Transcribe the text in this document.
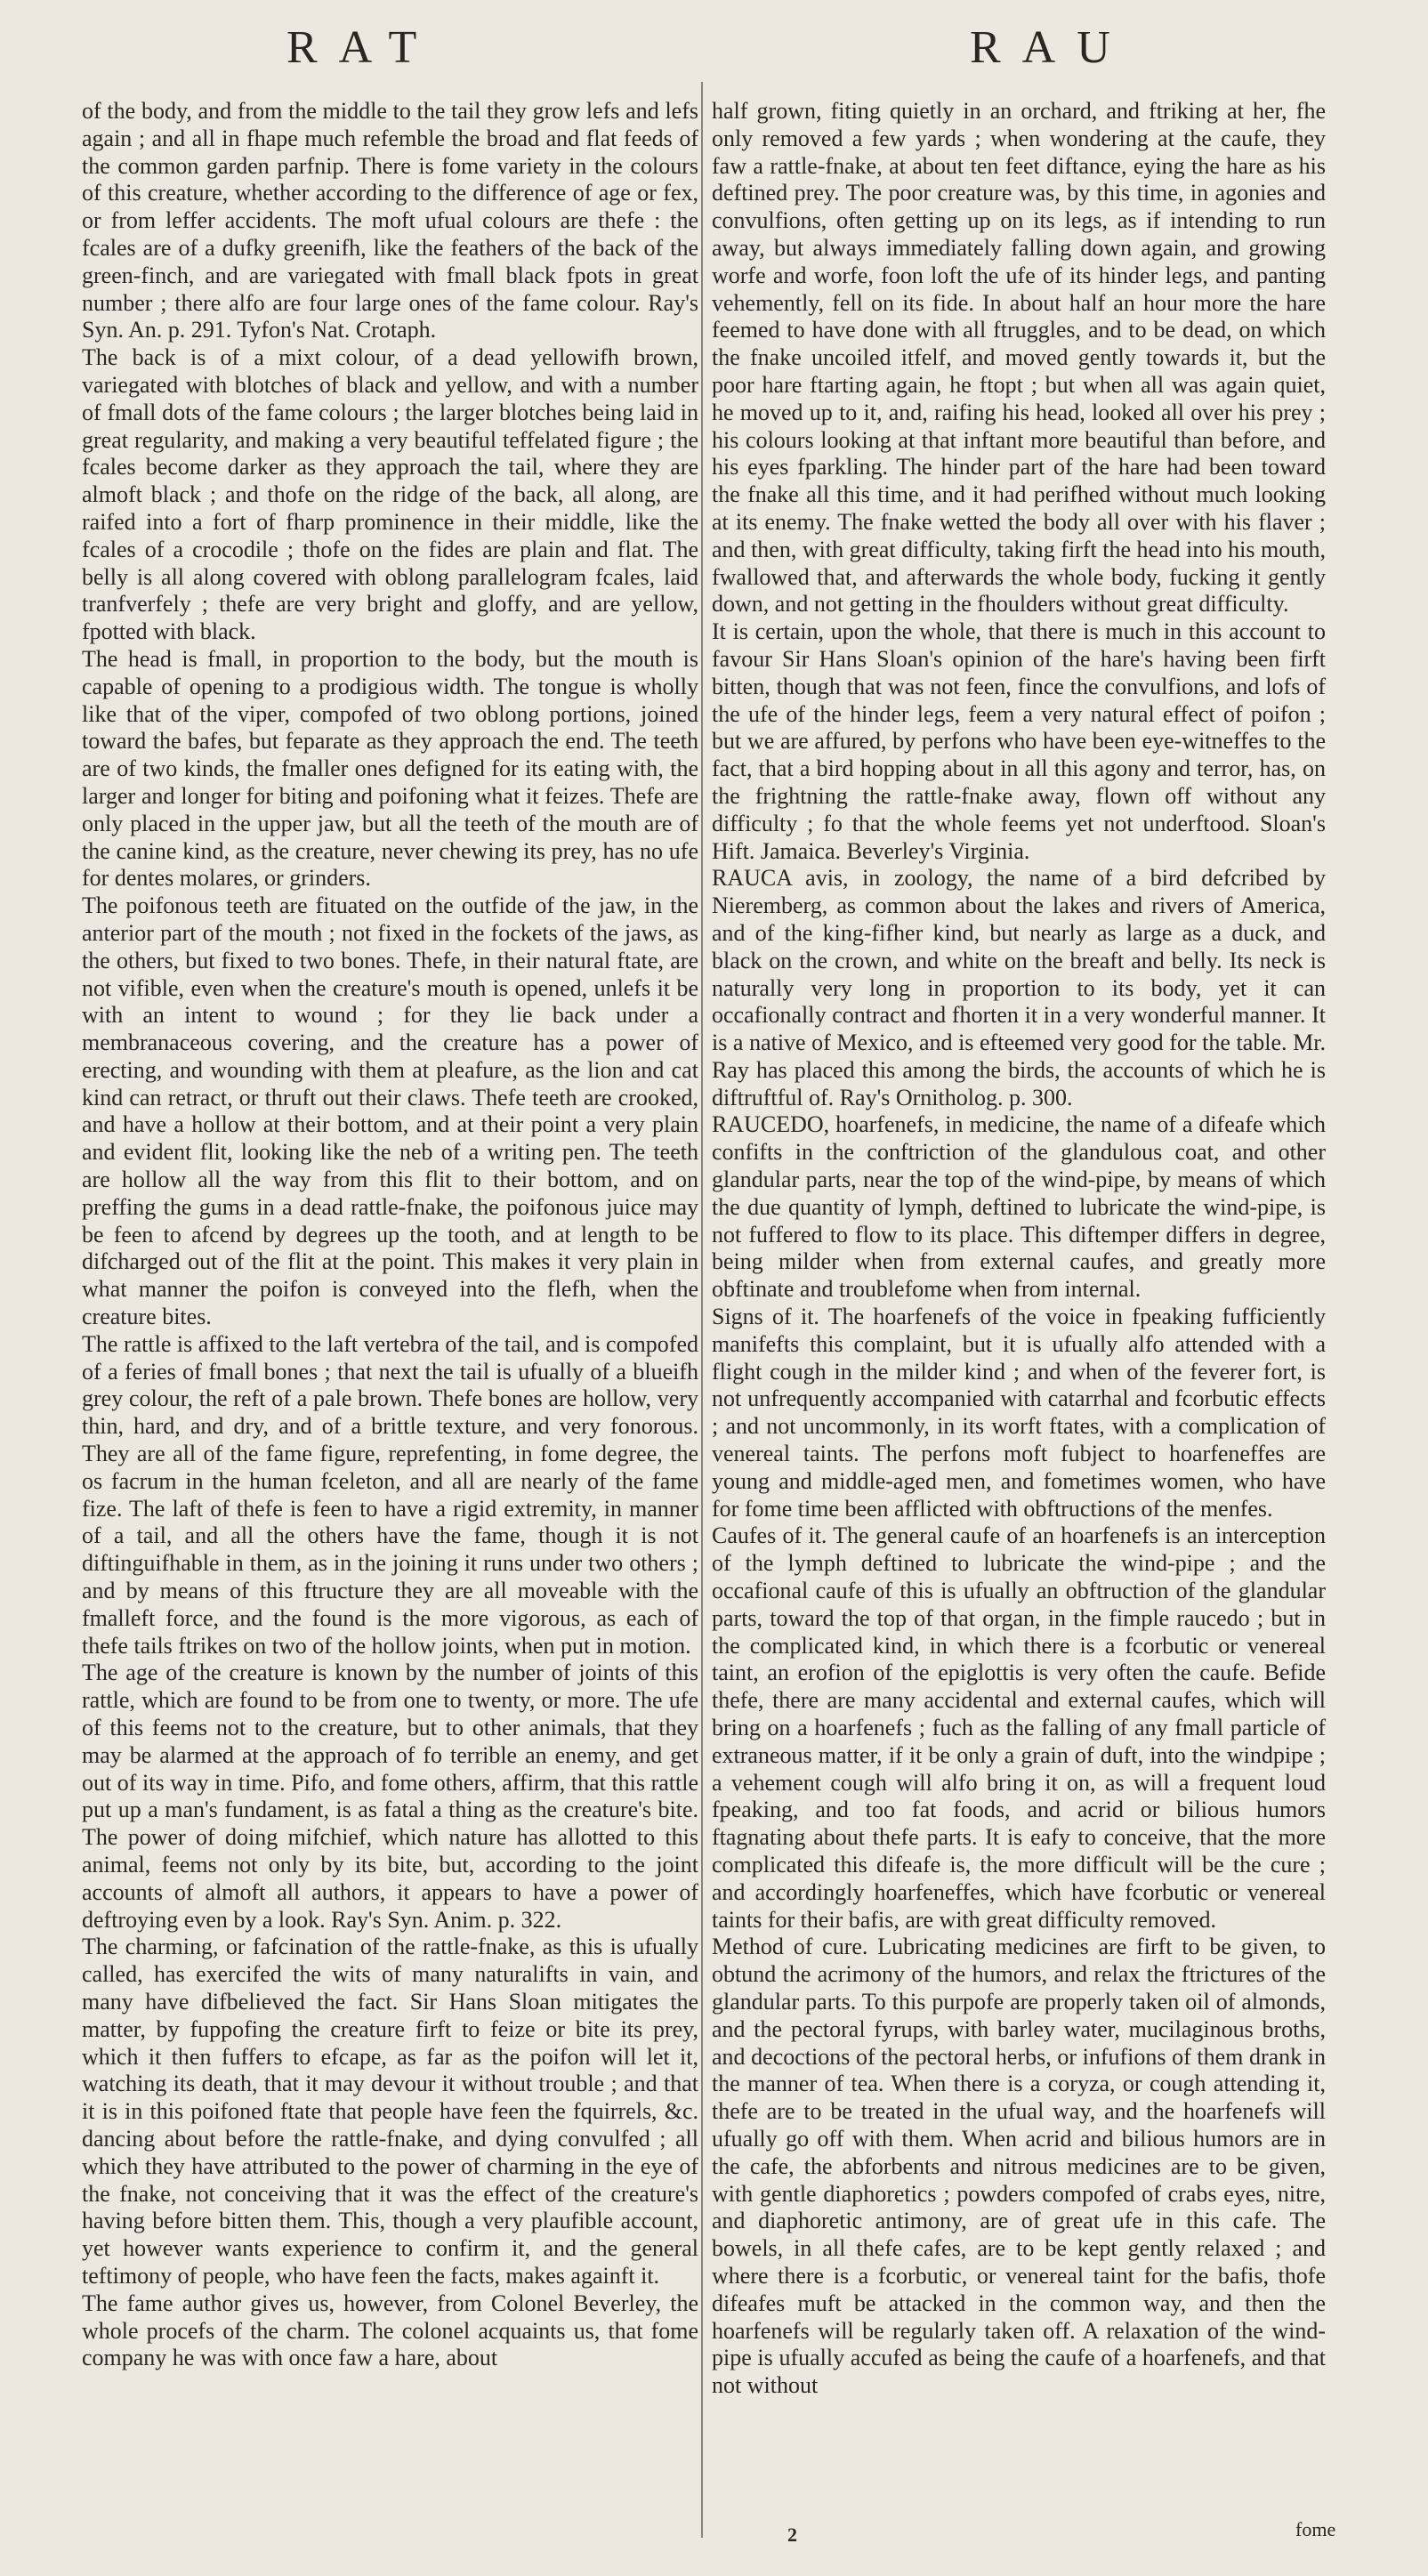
RAT	RAU

of the body, and from the middle to the tail they grow lefs and lefs again ; and all in fhape much refemble the broad and flat feeds of the common garden parfnip. There is fome variety in the colours of this creature, whether according to the difference of age or fex, or from leffer accidents. The moft ufual colours are thefe : the fcales are of a dufky greenifh, like the feathers of the back of the green-finch, and are variegated with fmall black fpots in great number ; there alfo are four large ones of the fame colour. Ray's Syn. An. p. 291. Tyfon's Nat. Crotaph.

The back is of a mixt colour, of a dead yellowifh brown, variegated with blotches of black and yellow, and with a number of fmall dots of the fame colours ; the larger blotches being laid in great regularity, and making a very beautiful teffelated figure ; the fcales become darker as they approach the tail, where they are almoft black ; and thofe on the ridge of the back, all along, are raifed into a fort of fharp prominence in their middle, like the fcales of a crocodile ; thofe on the fides are plain and flat. The belly is all along covered with oblong parallelogram fcales, laid tranfverfely ; thefe are very bright and gloffy, and are yellow, fpotted with black.

The head is fmall, in proportion to the body, but the mouth is capable of opening to a prodigious width. The tongue is wholly like that of the viper, compofed of two oblong portions, joined toward the bafes, but feparate as they approach the end. The teeth are of two kinds, the fmaller ones defigned for its eating with, the larger and longer for biting and poifoning what it feizes. Thefe are only placed in the upper jaw, but all the teeth of the mouth are of the canine kind, as the creature, never chewing its prey, has no ufe for dentes molares, or grinders.

The poifonous teeth are fituated on the outfide of the jaw, in the anterior part of the mouth ; not fixed in the fockets of the jaws, as the others, but fixed to two bones. Thefe, in their natural ftate, are not vifible, even when the creature's mouth is opened, unlefs it be with an intent to wound ; for they lie back under a membranaceous covering, and the creature has a power of erecting, and wounding with them at pleafure, as the lion and cat kind can retract, or thruft out their claws. Thefe teeth are crooked, and have a hollow at their bottom, and at their point a very plain and evident flit, looking like the neb of a writing pen. The teeth are hollow all the way from this flit to their bottom, and on preffing the gums in a dead rattle-fnake, the poifonous juice may be feen to afcend by degrees up the tooth, and at length to be difcharged out of the flit at the point. This makes it very plain in what manner the poifon is conveyed into the flefh, when the creature bites.

The rattle is affixed to the laft vertebra of the tail, and is compofed of a feries of fmall bones ; that next the tail is ufually of a blueifh grey colour, the reft of a pale brown. Thefe bones are hollow, very thin, hard, and dry, and of a brittle texture, and very fonorous. They are all of the fame figure, reprefenting, in fome degree, the os facrum in the human fceleton, and all are nearly of the fame fize. The laft of thefe is feen to have a rigid extremity, in manner of a tail, and all the others have the fame, though it is not diftinguifhable in them, as in the joining it runs under two others ; and by means of this ftructure they are all moveable with the fmalleft force, and the found is the more vigorous, as each of thefe tails ftrikes on two of the hollow joints, when put in motion.

The age of the creature is known by the number of joints of this rattle, which are found to be from one to twenty, or more. The ufe of this feems not to the creature, but to other animals, that they may be alarmed at the approach of fo terrible an enemy, and get out of its way in time. Pifo, and fome others, affirm, that this rattle put up a man's fundament, is as fatal a thing as the creature's bite. The power of doing mifchief, which nature has allotted to this animal, feems not only by its bite, but, according to the joint accounts of almoft all authors, it appears to have a power of deftroying even by a look. Ray's Syn. Anim. p. 322.

The charming, or fafcination of the rattle-fnake, as this is ufually called, has exercifed the wits of many naturalifts in vain, and many have difbelieved the fact. Sir Hans Sloan mitigates the matter, by fuppofing the creature firft to feize or bite its prey, which it then fuffers to efcape, as far as the poifon will let it, watching its death, that it may devour it without trouble ; and that it is in this poifoned ftate that people have feen the fquirrels, &c. dancing about before the rattle-fnake, and dying convulfed ; all which they have attributed to the power of charming in the eye of the fnake, not conceiving that it was the effect of the creature's having before bitten them. This, though a very plaufible account, yet however wants experience to confirm it, and the general teftimony of people, who have feen the facts, makes againft it.

The fame author gives us, however, from Colonel Beverley, the whole procefs of the charm. The colonel acquaints us, that fome company he was with once faw a hare, about

half grown, fiting quietly in an orchard, and ftriking at her, fhe only removed a few yards ; when wondering at the caufe, they faw a rattle-fnake, at about ten feet diftance, eying the hare as his deftined prey. The poor creature was, by this time, in agonies and convulfions, often getting up on its legs, as if intending to run away, but always immediately falling down again, and growing worfe and worfe, foon loft the ufe of its hinder legs, and panting vehemently, fell on its fide. In about half an hour more the hare feemed to have done with all ftruggles, and to be dead, on which the fnake uncoiled itfelf, and moved gently towards it, but the poor hare ftarting again, he ftopt ; but when all was again quiet, he moved up to it, and, raifing his head, looked all over his prey ; his colours looking at that inftant more beautiful than before, and his eyes fparkling. The hinder part of the hare had been toward the fnake all this time, and it had perifhed without much looking at its enemy. The fnake wetted the body all over with his flaver ; and then, with great difficulty, taking firft the head into his mouth, fwallowed that, and afterwards the whole body, fucking it gently down, and not getting in the fhoulders without great difficulty.

It is certain, upon the whole, that there is much in this account to favour Sir Hans Sloan's opinion of the hare's having been firft bitten, though that was not feen, fince the convulfions, and lofs of the ufe of the hinder legs, feem a very natural effect of poifon ; but we are affured, by perfons who have been eye-witneffes to the fact, that a bird hopping about in all this agony and terror, has, on the frightning the rattle-fnake away, flown off without any difficulty ; fo that the whole feems yet not underftood. Sloan's Hift. Jamaica. Beverley's Virginia.

RAUCA avis, in zoology, the name of a bird defcribed by Nieremberg, as common about the lakes and rivers of America, and of the king-fifher kind, but nearly as large as a duck, and black on the crown, and white on the breaft and belly. Its neck is naturally very long in proportion to its body, yet it can occafionally contract and fhorten it in a very wonderful manner. It is a native of Mexico, and is efteemed very good for the table. Mr. Ray has placed this among the birds, the accounts of which he is diftruftful of. Ray's Ornitholog. p. 300.

RAUCEDO, hoarfenefs, in medicine, the name of a difeafe which confifts in the conftriction of the glandulous coat, and other glandular parts, near the top of the wind-pipe, by means of which the due quantity of lymph, deftined to lubricate the wind-pipe, is not fuffered to flow to its place. This diftemper differs in degree, being milder when from external caufes, and greatly more obftinate and troublefome when from internal.

Signs of it. The hoarfenefs of the voice in fpeaking fufficiently manifefts this complaint, but it is ufually alfo attended with a flight cough in the milder kind ; and when of the feverer fort, is not unfrequently accompanied with catarrhal and fcorbutic effects ; and not uncommonly, in its worft ftates, with a complication of venereal taints. The perfons moft fubject to hoarfeneffes are young and middle-aged men, and fometimes women, who have for fome time been afflicted with obftructions of the menfes.

Caufes of it. The general caufe of an hoarfenefs is an interception of the lymph deftined to lubricate the wind-pipe ; and the occafional caufe of this is ufually an obftruction of the glandular parts, toward the top of that organ, in the fimple raucedo ; but in the complicated kind, in which there is a fcorbutic or venereal taint, an erofion of the epiglottis is very often the caufe. Befide thefe, there are many accidental and external caufes, which will bring on a hoarfenefs ; fuch as the falling of any fmall particle of extraneous matter, if it be only a grain of duft, into the windpipe ; a vehement cough will alfo bring it on, as will a frequent loud fpeaking, and too fat foods, and acrid or bilious humors ftagnating about thefe parts. It is eafy to conceive, that the more complicated this difeafe is, the more difficult will be the cure ; and accordingly hoarfeneffes, which have fcorbutic or venereal taints for their bafis, are with great difficulty removed.

Method of cure. Lubricating medicines are firft to be given, to obtund the acrimony of the humors, and relax the ftrictures of the glandular parts. To this purpofe are properly taken oil of almonds, and the pectoral fyrups, with barley water, mucilaginous broths, and decoctions of the pectoral herbs, or infufions of them drank in the manner of tea. When there is a coryza, or cough attending it, thefe are to be treated in the ufual way, and the hoarfenefs will ufually go off with them. When acrid and bilious humors are in the cafe, the abforbents and nitrous medicines are to be given, with gentle diaphoretics ; powders compofed of crabs eyes, nitre, and diaphoretic antimony, are of great ufe in this cafe. The bowels, in all thefe cafes, are to be kept gently relaxed ; and where there is a fcorbutic, or venereal taint for the bafis, thofe difeafes muft be attacked in the common way, and then the hoarfenefs will be regularly taken off. A relaxation of the wind-pipe is ufually accufed as being the caufe of a hoarfenefs, and that not without

2	fome
